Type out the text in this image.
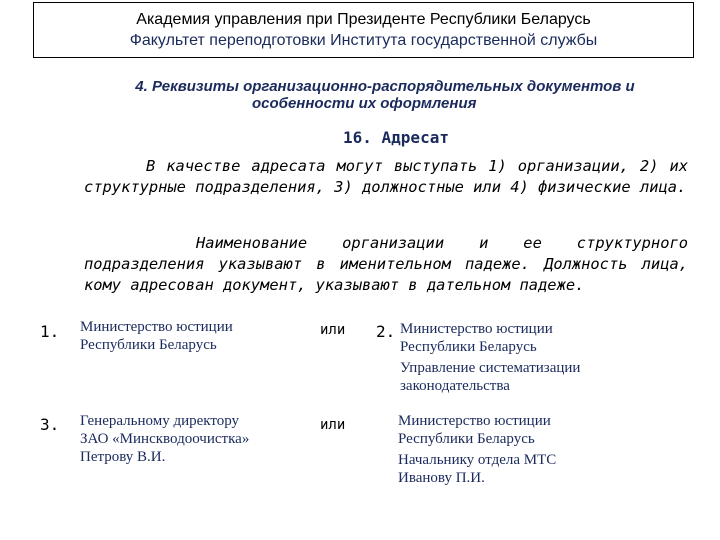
Академия управления при Президенте Республики Беларусь
Факультет переподготовки Института государственной службы
4. Реквизиты организационно-распорядительных документов и
особенности их оформления
16. Адресат
В качестве адресата могут выступать 1) организации, 2) их структурные подразделения, 3) должностные или 4) физические лица.
Наименование организации и ее структурного подразделения указывают в именительном падеже. Должность лица, кому адресован документ, указывают в дательном падеже.
1. Министерство юстиции
Республики Беларусь
или 2. Министерство юстиции
Республики Беларусь
Управление систематизации
законодательства
3. Генеральному директору
ЗАО «Минскводоочистка»
Петрову В.И.
или	Министерство юстиции
Республики Беларусь
Начальнику отдела МТС
Иванову П.И.
